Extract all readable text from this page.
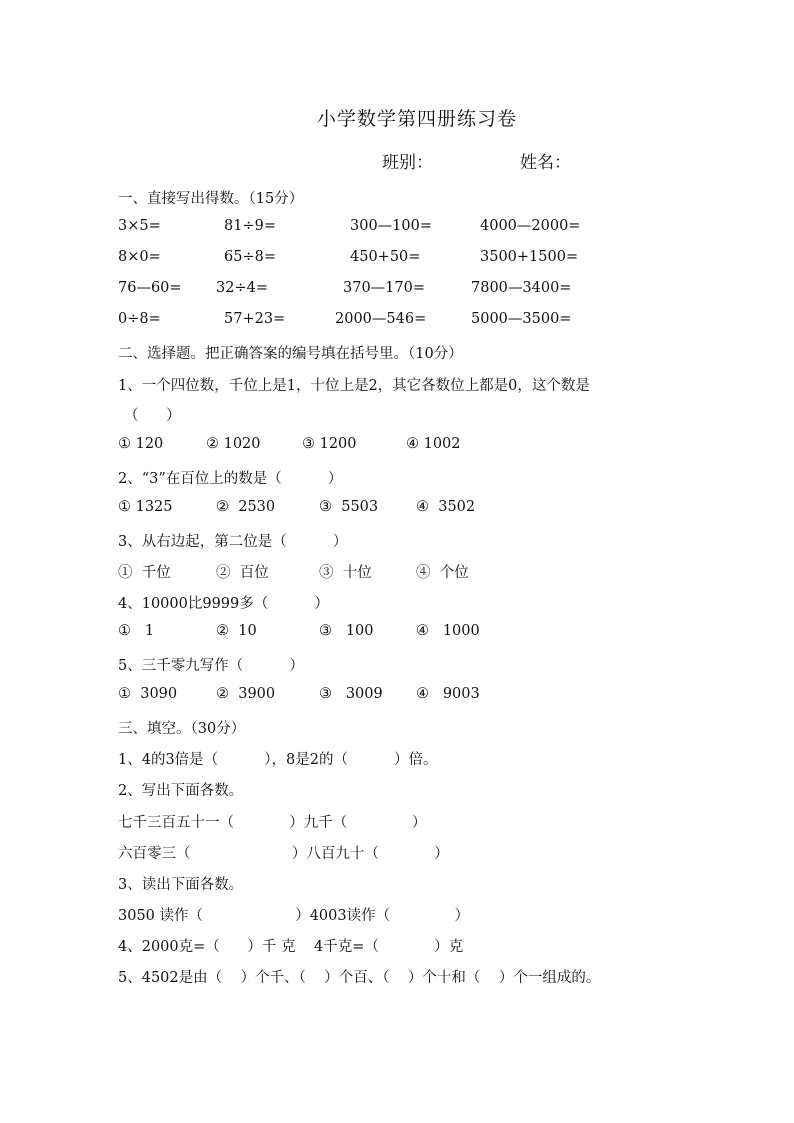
小学数学第四册练习卷
班别：	姓名：
一、直接写出得数。（15分）
3×5=	81÷9=	300—100=	4000—2000=
8×0=	65÷8=	450+50=	3500+1500=
76—60= 32÷4=	370—170=	7800—3400=
0÷8=	57+23=	2000—546=	5000—3500=
二、选择题。把正确答案的编号填在括号里。（10分）
1、一个四位数，千位上是1，十位上是2，其它各数位上都是0，这个数是
（      ）
① 120	② 1020	③ 1200	④ 1002
2、“3”在百位上的数是（          ）
① 1325	②  2530	③  5503	④  3502
3、从右边起，第二位是（          ）
①  千位	②  百位	③  十位	④  个位
4、10000比9999多（          ）
①   1	②  10	③   100	④   1000
5、三千零九写作（          ）
①  3090	②  3900	③   3009 ④   9003
三、填空。（30分）
1、4的3倍是（          ），8是2的（          ）倍。
2、写出下面各数。
七千三百五十一（            ）九千（              ）
六百零三（                      ）八百九十（            ）
3、读出下面各数。
3050 读作（                    ）4003读作（              ）
4、2000克=（      ）千 克    4千克=（            ）克
5、4502是由（    ）个千、（    ）个百、（    ）个十和（    ）个一组成的。
